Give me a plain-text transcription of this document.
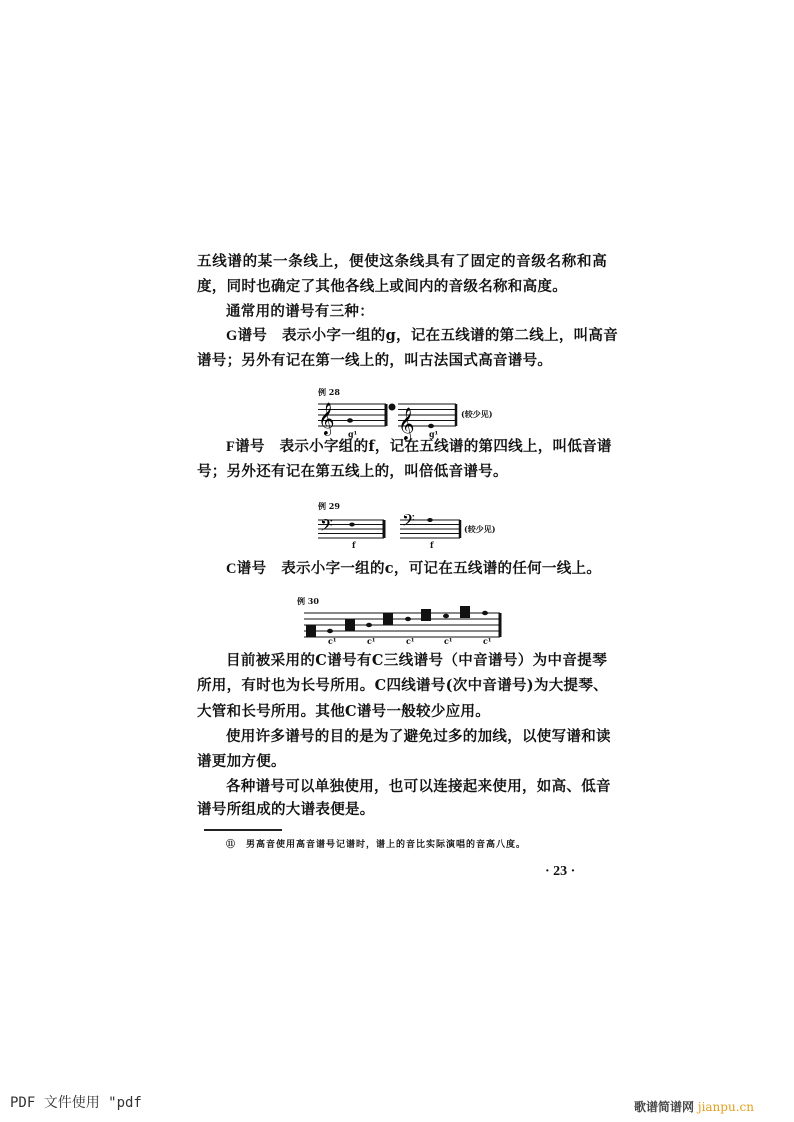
五线谱的某一条线上，便使这条线具有了固定的音级名称和高
度，同时也确定了其他各线上或间内的音级名称和高度。
通常用的谱号有三种：
G谱号　 表示小字一组的g，记在五线谱的第二线上，叫高音
谱号；另外有记在第一线上的，叫古法国式高音谱号。
例 28
𝄞 𝄞
𝄢	𝄢
g¹	g¹
(较少见)
F谱号　 表示小字组的f，记在五线谱的第四线上，叫低音谱
号；另外还有记在第五线上的，叫倍低音谱号。
例 29
f	f
(较少见)
C谱号　 表示小字一组的c，可记在五线谱的任何一线上。
例 30
c¹	c¹	c¹	c¹	c¹
目前被采用的C谱号有C三线谱号（中音谱号）为中音提琴
所用，有时也为长号所用。C四线谱号(次中音谱号)为大提琴、
大管和长号所用。其他C谱号一般较少应用。
使用许多谱号的目的是为了避免过多的加线，以使写谱和读
谱更加方便。
各种谱号可以单独使用，也可以连接起来使用，如高、低音
谱号所组成的大谱表便是。
⑪　 男高音使用高音谱号记谱时，谱上的音比实际演唱的音高八度。
· 23 ·
PDF 文件使用 "pdf	歌谱简谱网 jianpu.cn
